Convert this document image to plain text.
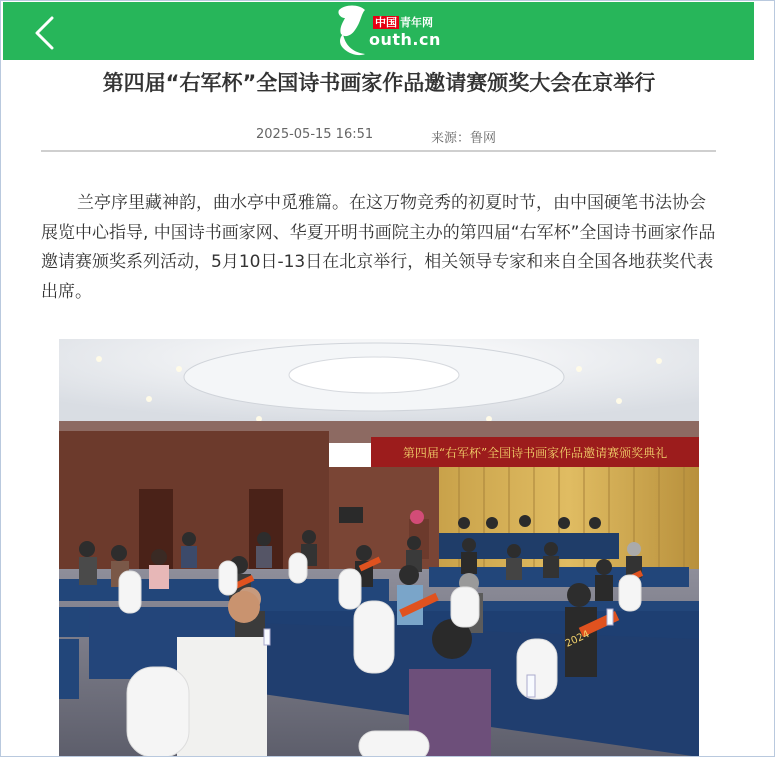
中国 青年网
outh.cn
第四届“右军杯”全国诗书画家作品邀请赛颁奖大会在京举行
2025-05-15 16:51	来源：鲁网

兰亭序里藏神韵，曲水亭中觅雅篇。在这万物竞秀的初夏时节，由中国硬笔书法协会展览中心指导, 中国诗书画家网、华夏开明书画院主办的第四届“右军杯”全国诗书画家作品邀请赛颁奖系列活动，5月10日-13日在北京举行，相关领导专家和来自全国各地获奖代表出席。

第四届“右军杯”全国诗书画家作品邀请赛颁奖典礼
2024
